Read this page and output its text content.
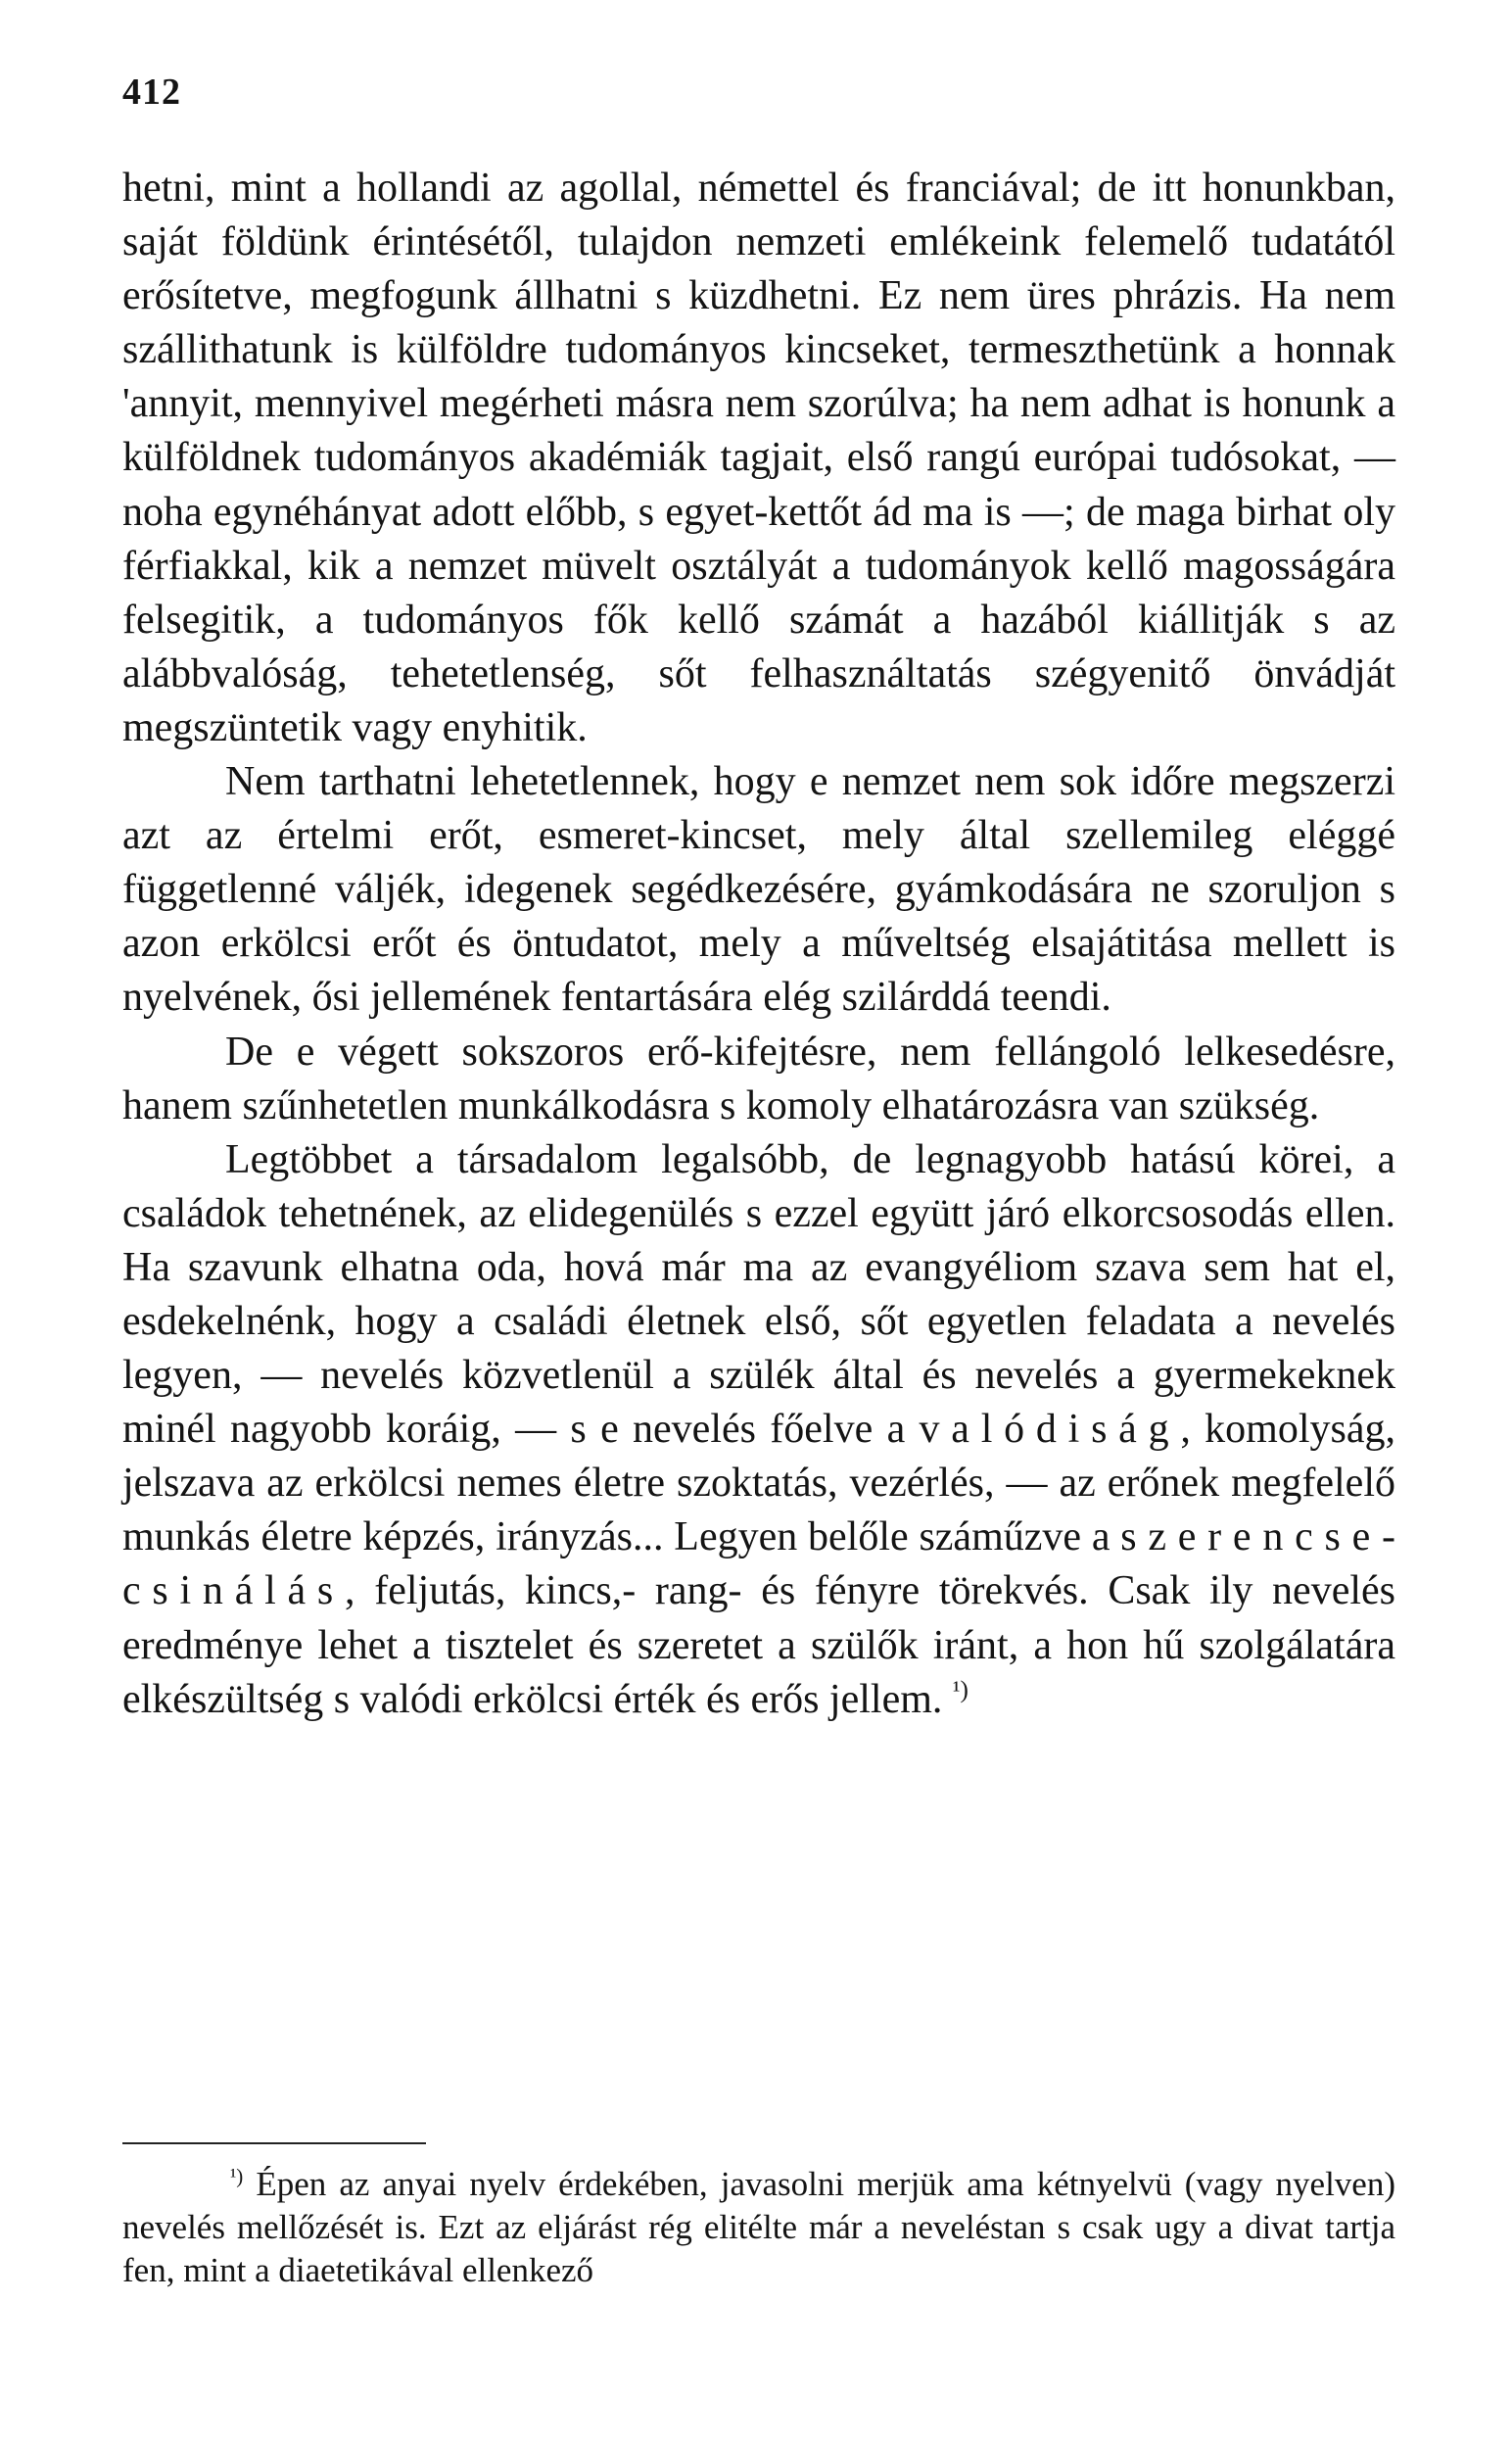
412

hetni, mint a hollandi az agollal, némettel és franciával; de itt honunkban, saját földünk érintésétől, tulajdon nemzeti emlékeink felemelő tudatától erősítetve, megfogunk állhatni s küzdhetni. Ez nem üres phrázis. Ha nem szállithatunk is külföldre tudományos kincseket, termeszthetünk a honnak 'annyit, mennyivel megérheti másra nem szorúlva; ha nem adhat is honunk a külföldnek tudományos akadémiák tagjait, első rangú európai tudósokat, — noha egynéhányat adott előbb, s egyet-kettőt ád ma is —; de maga birhat oly férfiakkal, kik a nemzet müvelt osztályát a tudományok kellő magosságára felsegitik, a tudományos fők kellő számát a hazából kiállitják s az alábbvalóság, tehetetlenség, sőt felhasználtatás szégyenitő önvádját megszüntetik vagy enyhitik.

Nem tarthatni lehetetlennek, hogy e nemzet nem sok időre megszerzi azt az értelmi erőt, esmeret-kincset, mely által szellemileg eléggé függetlenné váljék, idegenek segédkezésére, gyámkodására ne szoruljon s azon erkölcsi erőt és öntudatot, mely a műveltség elsajátitása mellett is nyelvének, ősi jellemének fentartására elég szilárddá teendi.

De e végett sokszoros erő-kifejtésre, nem fellángoló lelkesedésre, hanem szűnhetetlen munkálkodásra s komoly elhatározásra van szükség.

Legtöbbet a társadalom legalsóbb, de legnagyobb hatású körei, a családok tehetnének, az elidegenülés s ezzel együtt járó elkorcsosodás ellen. Ha szavunk elhatna oda, hová már ma az evangyéliom szava sem hat el, esdekelnénk, hogy a családi életnek első, sőt egyetlen feladata a nevelés legyen, — nevelés közvetlenül a szülék által és nevelés a gyermekeknek minél nagyobb koráig, — s e nevelés főelve a valódiság, komolyság, jelszava az erkölcsi nemes életre szoktatás, vezérlés, — az erőnek megfelelő munkás életre képzés, irányzás... Legyen belőle száműzve a szerencsecsinálás, feljutás, kincs,- rang- és fényre törekvés. Csak ily nevelés eredménye lehet a tisztelet és szeretet a szülők iránt, a hon hű szolgálatára elkészültség s valódi erkölcsi érték és erős jellem. $^{^1)}$

$^{^1)}$ Épen az anyai nyelv érdekében, javasolni merjük ama kétnyelvü (vagy nyelven) nevelés mellőzését is. Ezt az eljárást rég elitélte már a neveléstan s csak ugy a divat tartja fen, mint a diaetetikával ellenkező
